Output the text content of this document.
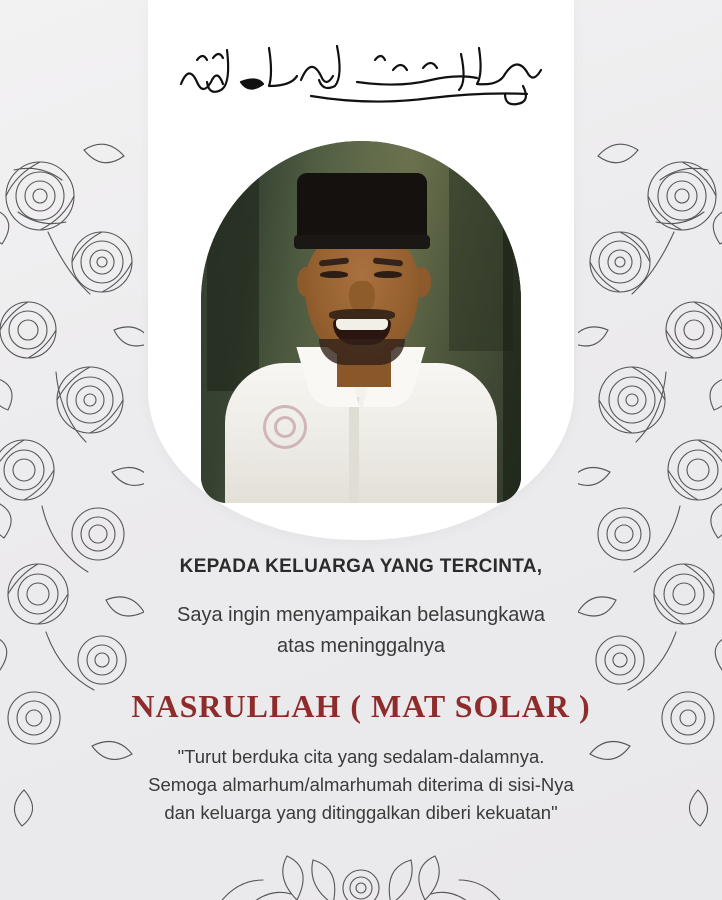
KEPADA KELUARGA YANG TERCINTA,
Saya ingin menyampaikan belasungkawa
atas meninggalnya
NASRULLAH ( MAT SOLAR )
"Turut berduka cita yang sedalam-dalamnya.
Semoga almarhum/almarhumah diterima di sisi-Nya
dan keluarga yang ditinggalkan diberi kekuatan"
